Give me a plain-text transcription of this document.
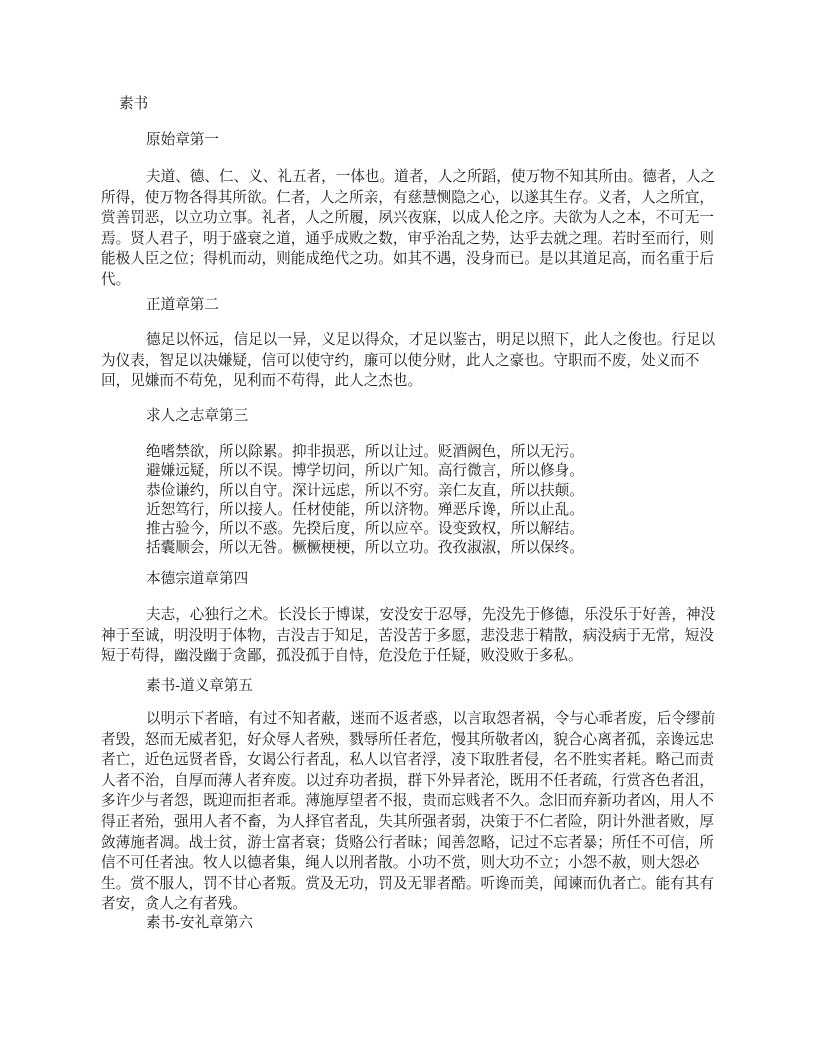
素书
原始章第一
夫道、德、仁、义、礼五者，一体也。道者，人之所蹈，使万物不知其所由。德者，人之所得，使万物各得其所欲。仁者，人之所亲，有慈慧恻隐之心，以遂其生存。义者，人之所宜，赏善罚恶，以立功立事。礼者，人之所履，夙兴夜寐，以成人伦之序。夫欲为人之本，不可无一焉。贤人君子，明于盛衰之道，通乎成败之数，审乎治乱之势，达乎去就之理。若时至而行，则能极人臣之位；得机而动，则能成绝代之功。如其不遇，没身而已。是以其道足高，而名重于后代。
正道章第二
德足以怀远，信足以一异，义足以得众，才足以鉴古，明足以照下，此人之俊也。行足以为仪表，智足以决嫌疑，信可以使守约，廉可以使分财，此人之豪也。守职而不废，处义而不回，见嫌而不苟免，见利而不苟得，此人之杰也。
求人之志章第三
绝嗜禁欲，所以除累。抑非损恶，所以让过。贬酒阙色，所以无污。
避嫌远疑，所以不误。博学切问，所以广知。高行微言，所以修身。
恭俭谦约，所以自守。深计远虑，所以不穷。亲仁友直，所以扶颠。
近恕笃行，所以接人。任材使能，所以济物。殚恶斥谗，所以止乱。
推古验今，所以不惑。先揆后度，所以应卒。设变致权，所以解结。
括囊顺会，所以无咎。橛橛梗梗，所以立功。孜孜淑淑，所以保终。
本德宗道章第四
夫志，心独行之术。长没长于博谋，安没安于忍辱，先没先于修德，乐没乐于好善，神没神于至诚，明没明于体物，吉没吉于知足，苦没苦于多愿，悲没悲于精散，病没病于无常，短没短于苟得，幽没幽于贪鄙，孤没孤于自恃，危没危于任疑，败没败于多私。
素书-道义章第五
以明示下者暗，有过不知者蔽，迷而不返者惑，以言取怨者祸，令与心乖者废，后令缪前者毁，怒而无威者犯，好众辱人者殃，戮辱所任者危，慢其所敬者凶，貌合心离者孤，亲谗远忠者亡，近色远贤者昏，女谒公行者乱，私人以官者浮，凌下取胜者侵，名不胜实者耗。略己而责人者不治，自厚而薄人者弃废。以过弃功者损，群下外异者沦，既用不任者疏，行赏吝色者沮，多许少与者怨，既迎而拒者乖。薄施厚望者不报，贵而忘贱者不久。念旧而弃新功者凶，用人不得正者殆，强用人者不畜，为人择官者乱，失其所强者弱，决策于不仁者险，阴计外泄者败，厚敛薄施者凋。战士贫，游士富者衰；货赂公行者昧；闻善忽略，记过不忘者暴；所任不可信，所信不可任者浊。牧人以德者集，绳人以刑者散。小功不赏，则大功不立；小怨不赦，则大怨必生。赏不服人，罚不甘心者叛。赏及无功，罚及无罪者酷。听谗而美，闻谏而仇者亡。能有其有者安，贪人之有者残。
素书-安礼章第六
